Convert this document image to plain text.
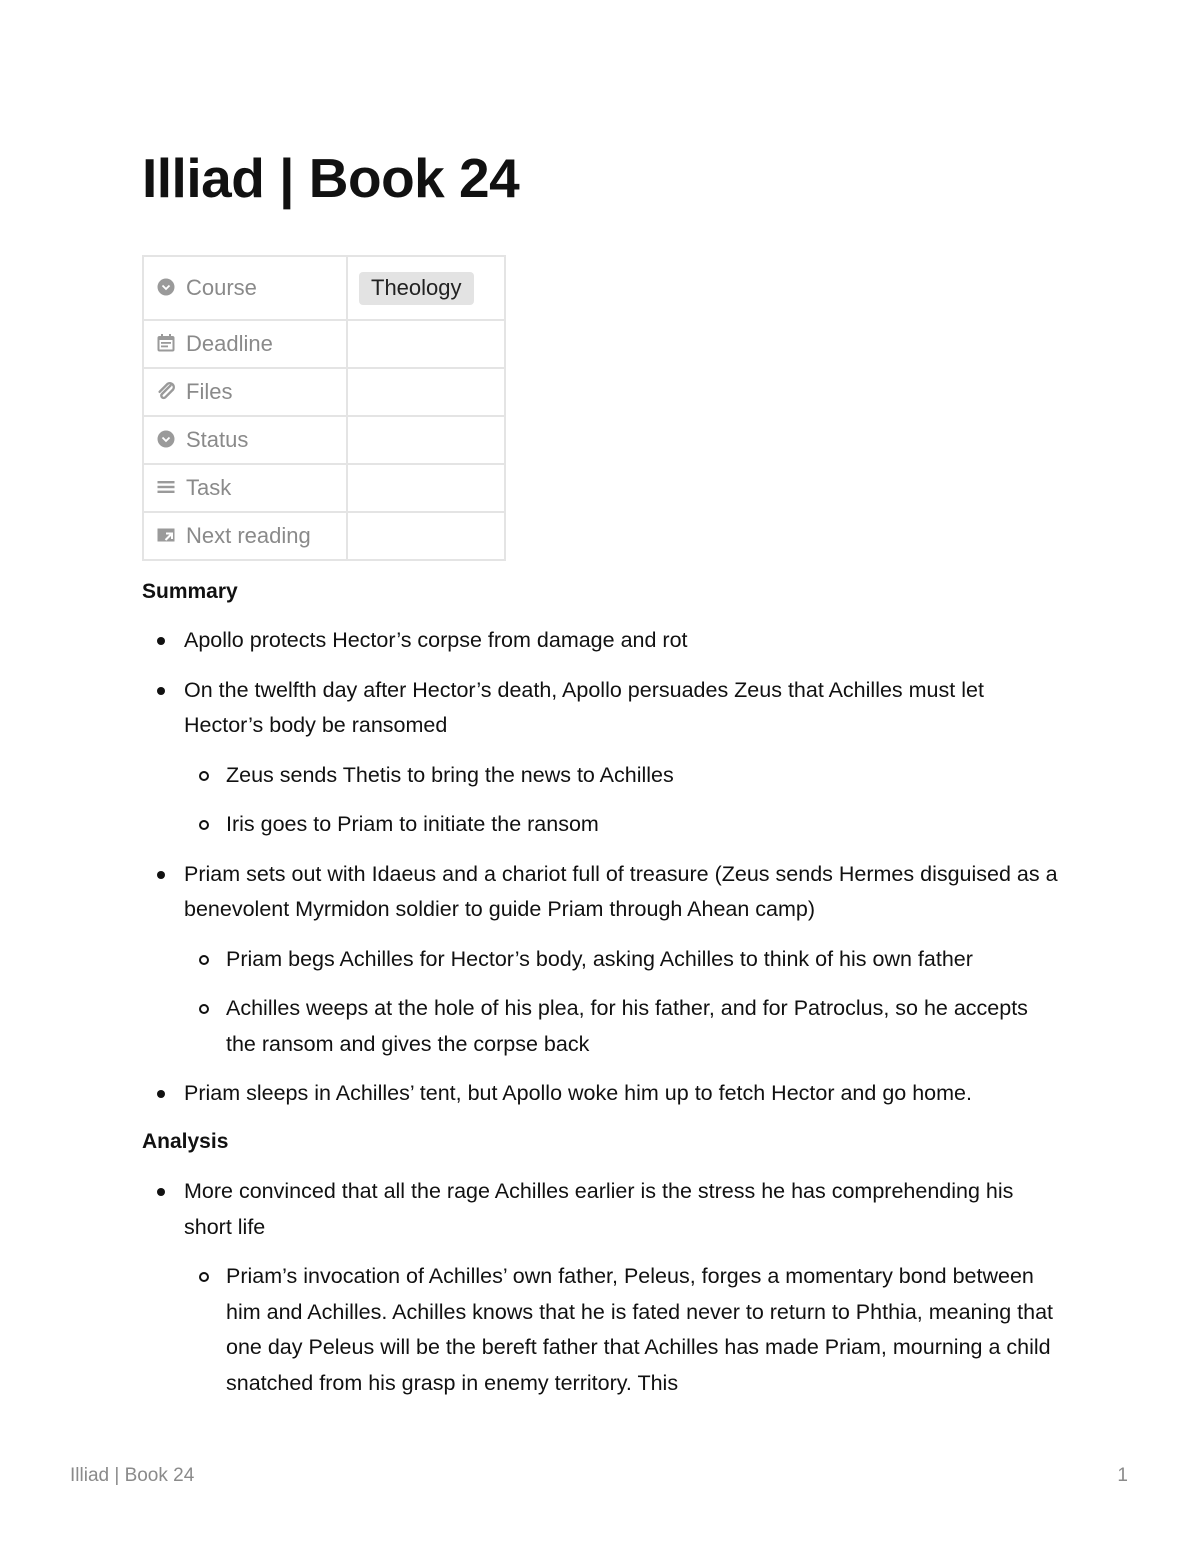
Illiad | Book 24
Course	Theology
Deadline	
Files	
Status	
Task	
Next reading	
Summary
Apollo protects Hector’s corpse from damage and rot
On the twelfth day after Hector’s death, Apollo persuades Zeus that Achilles must let Hector’s body be ransomed
Zeus sends Thetis to bring the news to Achilles
Iris goes to Priam to initiate the ransom
Priam sets out with Idaeus and a chariot full of treasure (Zeus sends Hermes disguised as a benevolent Myrmidon soldier to guide Priam through Ahean camp)
Priam begs Achilles for Hector’s body, asking Achilles to think of his own father
Achilles weeps at the hole of his plea, for his father, and for Patroclus, so he accepts the ransom and gives the corpse back
Priam sleeps in Achilles’ tent, but Apollo woke him up to fetch Hector and go home.
Analysis
More convinced that all the rage Achilles earlier is the stress he has comprehending his short life
Priam’s invocation of Achilles’ own father, Peleus, forges a momentary bond between him and Achilles. Achilles knows that he is fated never to return to Phthia, meaning that one day Peleus will be the bereft father that Achilles has made Priam, mourning a child snatched from his grasp in enemy territory. This
Illiad | Book 24	1
